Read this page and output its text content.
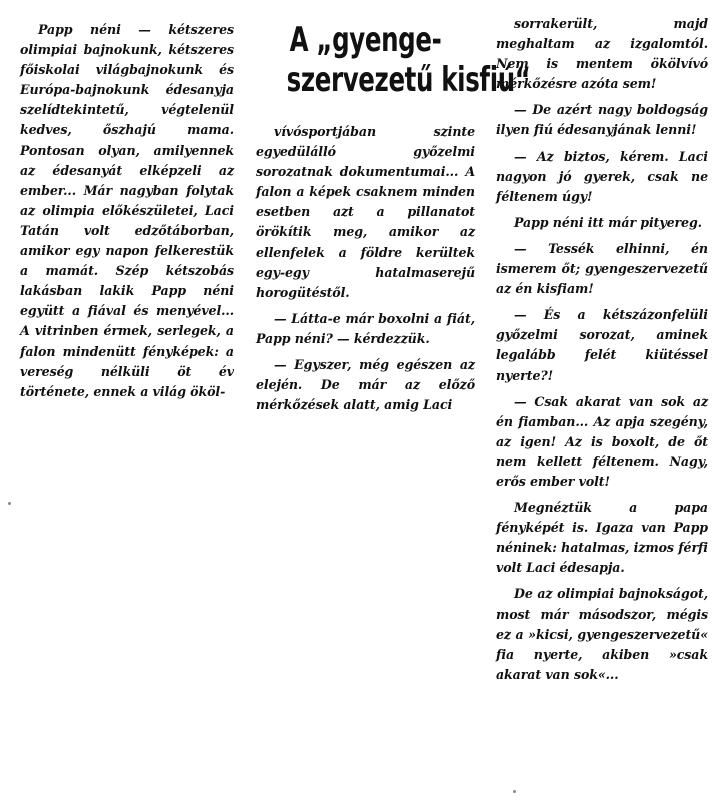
A „gyenge-
szervezetű kisfiú“

Papp néni — kétszeres olimpiai bajnokunk, kétszeres főiskolai világbajnokunk és Európa-bajnokunk édesanyja szelídtekintetű, végtelenül kedves, őszhajú mama. Pontosan olyan, amilyennek az édesanyát elképzeli az ember... Már nagyban folytak az olimpia előkészületei, Laci Tatán volt edzőtáborban, amikor egy napon felkerestük a mamát. Szép kétszobás lakásban lakik Papp néni együtt a fiával és menyével... A vitrinben érmek, serlegek, a falon mindenütt fényképek: a vereség nélküli öt év története, ennek a világ ököl-

vívósportjában szinte egyedülálló győzelmi sorozatnak dokumentumai... A falon a képek csaknem minden esetben azt a pillanatot örökítik meg, amikor az ellenfelek a földre kerültek egy-egy hatalmaserejű horogütéstől.

— Látta-e már boxolni a fiát, Papp néni? — kérdezzük.

— Egyszer, még egészen az elején. De már az előző mérkőzések alatt, amig Laci

sorrakerült, majd meghaltam az izgalomtól. Nem is mentem ökölvívó mérkőzésre azóta sem!

— De azért nagy boldogság ilyen fiú édesanyjának lenni!

— Az biztos, kérem. Laci nagyon jó gyerek, csak ne féltenem úgy!

Papp néni itt már pityereg.

— Tessék elhinni, én ismerem őt; gyengeszervezetű az én kisfiam!

— És a kétszázonfelüli győzelmi sorozat, aminek legalább felét kiütéssel nyerte?!

— Csak akarat van sok az én fiamban... Az apja szegény, az igen! Az is boxolt, de őt nem kellett féltenem. Nagy, erős ember volt!

Megnéztük a papa fényképét is. Igaza van Papp néninek: hatalmas, izmos férfi volt Laci édesapja.

De az olimpiai bajnokságot, most már másodszor, mégis ez a »kicsi, gyengeszervezetű« fia nyerte, akiben »csak akarat van sok«...
